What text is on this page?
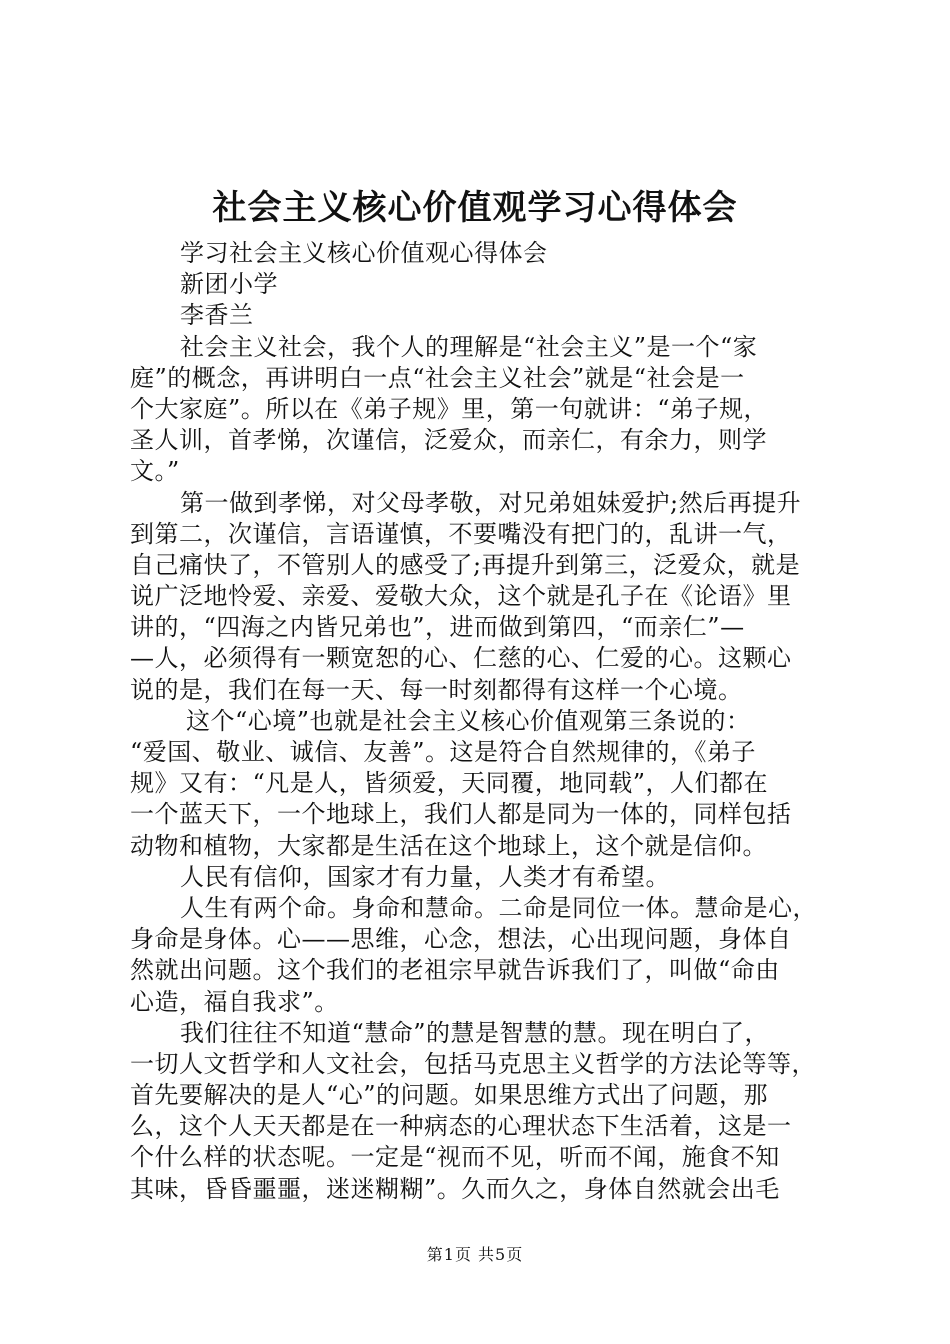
社会主义核心价值观学习心得体会

学习社会主义核心价值观心得体会

新团小学

李香兰

社会主义社会，我个人的理解是“社会主义”是一个“家

庭”的概念，再讲明白一点“社会主义社会”就是“社会是一

个大家庭”。所以在《弟子规》里，第一句就讲：“弟子规，

圣人训，首孝悌，次谨信，泛爱众，而亲仁，有余力，则学

文。”

第一做到孝悌，对父母孝敬，对兄弟姐妹爱护;然后再提升

到第二，次谨信，言语谨慎，不要嘴没有把门的，乱讲一气，

自己痛快了，不管别人的感受了;再提升到第三，泛爱众，就是

说广泛地怜爱、亲爱、爱敬大众，这个就是孔子在《论语》里

讲的，“四海之内皆兄弟也”，进而做到第四，“而亲仁”—

—人，必须得有一颗宽恕的心、仁慈的心、仁爱的心。这颗心

说的是，我们在每一天、每一时刻都得有这样一个心境。

这个“心境”也就是社会主义核心价值观第三条说的：

“爱国、敬业、诚信、友善”。这是符合自然规律的，《弟子

规》又有：“凡是人，皆须爱，天同覆，地同载”，人们都在

一个蓝天下，一个地球上，我们人都是同为一体的，同样包括

动物和植物，大家都是生活在这个地球上，这个就是信仰。

人民有信仰，国家才有力量，人类才有希望。

人生有两个命。身命和慧命。二命是同位一体。慧命是心，

身命是身体。心——思维，心念，想法，心出现问题，身体自

然就出问题。这个我们的老祖宗早就告诉我们了，叫做“命由

心造，福自我求”。

我们往往不知道“慧命”的慧是智慧的慧。现在明白了，

一切人文哲学和人文社会，包括马克思主义哲学的方法论等等，

首先要解决的是人“心”的问题。如果思维方式出了问题，那

么，这个人天天都是在一种病态的心理状态下生活着，这是一

个什么样的状态呢。一定是“视而不见，听而不闻，施食不知

其味，昏昏噩噩，迷迷糊糊”。久而久之，身体自然就会出毛

第1页 共5页
